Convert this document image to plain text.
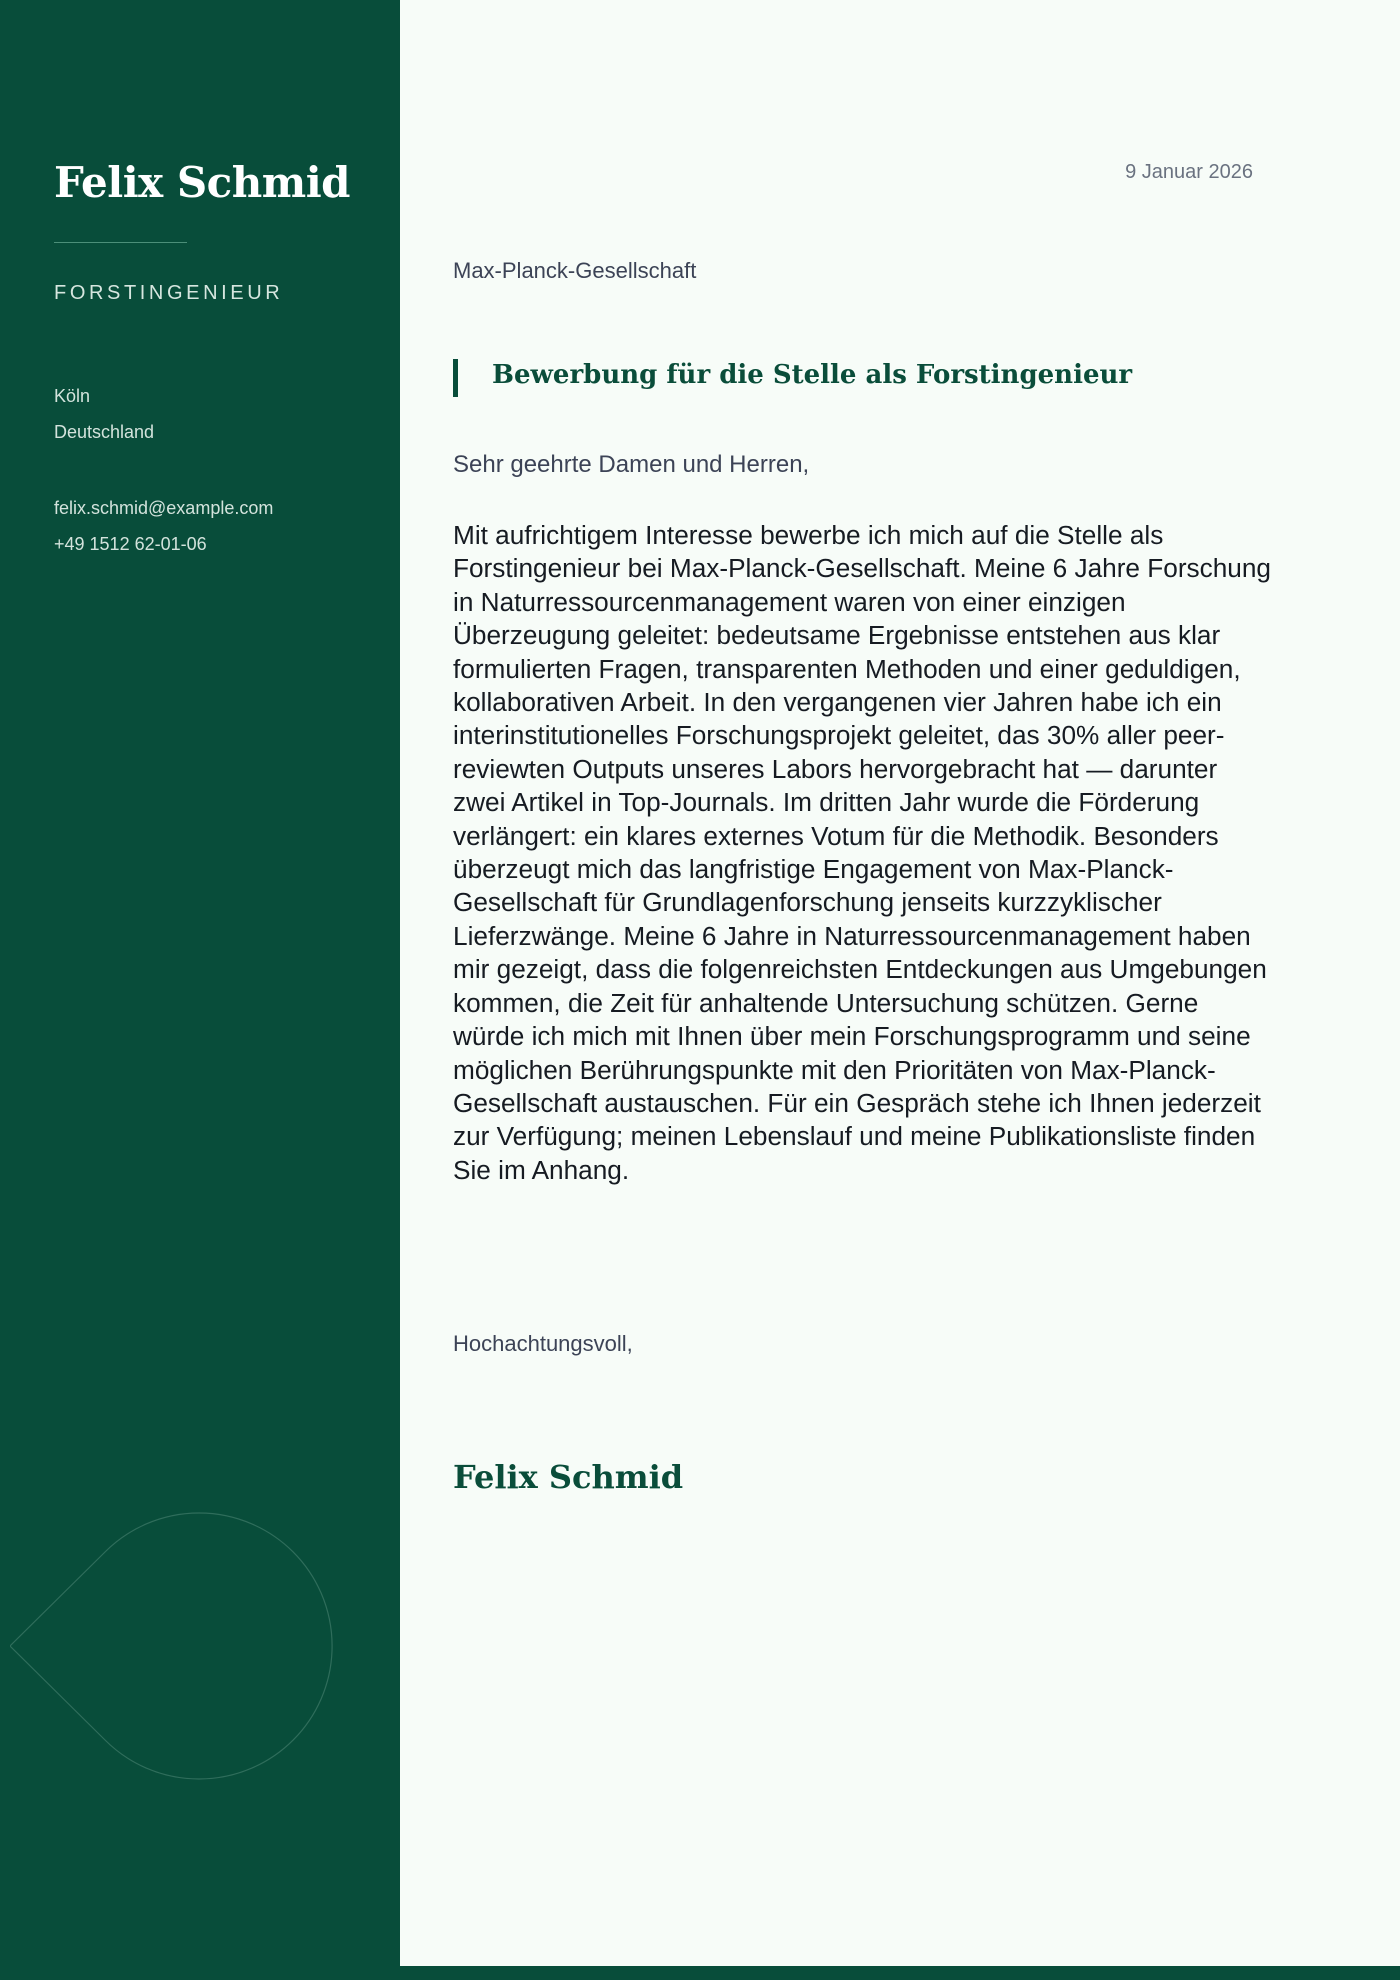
Felix Schmid
FORSTINGENIEUR
Köln
Deutschland
felix.schmid@example.com
+49 1512 62-01-06
9 Januar 2026
Max-Planck-Gesellschaft
Bewerbung für die Stelle als Forstingenieur

Sehr geehrte Damen und Herren,

Mit aufrichtigem Interesse bewerbe ich mich auf die Stelle als Forstingenieur bei Max-Planck-Gesellschaft. Meine 6 Jahre Forschung in Naturressourcenmanagement waren von einer einzigen Überzeugung geleitet: bedeutsame Ergebnisse entstehen aus klar formulierten Fragen, transparenten Methoden und einer geduldigen, kollaborativen Arbeit. In den vergangenen vier Jahren habe ich ein interinstitutionelles Forschungsprojekt geleitet, das 30% aller peer-reviewten Outputs unseres Labors hervorgebracht hat — darunter zwei Artikel in Top-Journals. Im dritten Jahr wurde die Förderung verlängert: ein klares externes Votum für die Methodik. Besonders überzeugt mich das langfristige Engagement von Max-Planck-Gesellschaft für Grundlagenforschung jenseits kurzzyklischer Lieferzwänge. Meine 6 Jahre in Naturressourcenmanagement haben mir gezeigt, dass die folgenreichsten Entdeckungen aus Umgebungen kommen, die Zeit für anhaltende Untersuchung schützen. Gerne würde ich mich mit Ihnen über mein Forschungsprogramm und seine möglichen Berührungspunkte mit den Prioritäten von Max-Planck-Gesellschaft austauschen. Für ein Gespräch stehe ich Ihnen jederzeit zur Verfügung; meinen Lebenslauf und meine Publikationsliste finden Sie im Anhang.

Hochachtungsvoll,

Felix Schmid
